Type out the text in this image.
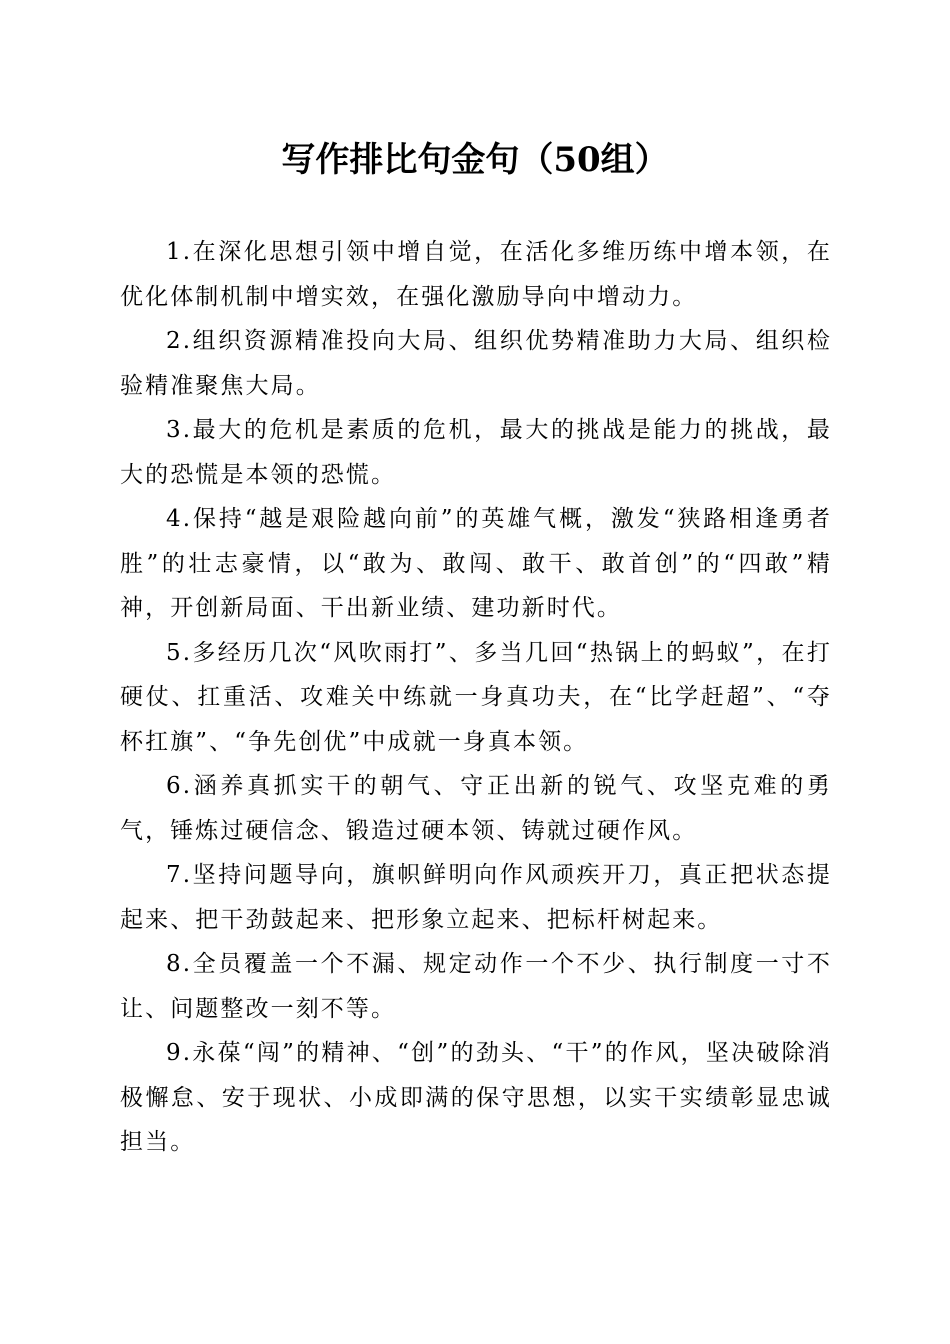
写作排比句金句（50组）

1.在深化思想引领中增自觉，在活化多维历练中增本领，在优化体制机制中增实效，在强化激励导向中增动力。

2.组织资源精准投向大局、组织优势精准助力大局、组织检验精准聚焦大局。

3.最大的危机是素质的危机，最大的挑战是能力的挑战，最大的恐慌是本领的恐慌。

4.保持“越是艰险越向前”的英雄气概，激发“狭路相逢勇者胜”的壮志豪情，以“敢为、敢闯、敢干、敢首创”的“四敢”精神，开创新局面、干出新业绩、建功新时代。

5.多经历几次“风吹雨打”、多当几回“热锅上的蚂蚁”，在打硬仗、扛重活、攻难关中练就一身真功夫，在“比学赶超”、“夺杯扛旗”、“争先创优”中成就一身真本领。

6.涵养真抓实干的朝气、守正出新的锐气、攻坚克难的勇气，锤炼过硬信念、锻造过硬本领、铸就过硬作风。

7.坚持问题导向，旗帜鲜明向作风顽疾开刀，真正把状态提起来、把干劲鼓起来、把形象立起来、把标杆树起来。

8.全员覆盖一个不漏、规定动作一个不少、执行制度一寸不让、问题整改一刻不等。

9.永葆“闯”的精神、“创”的劲头、“干”的作风，坚决破除消极懈怠、安于现状、小成即满的保守思想，以实干实绩彰显忠诚担当。
